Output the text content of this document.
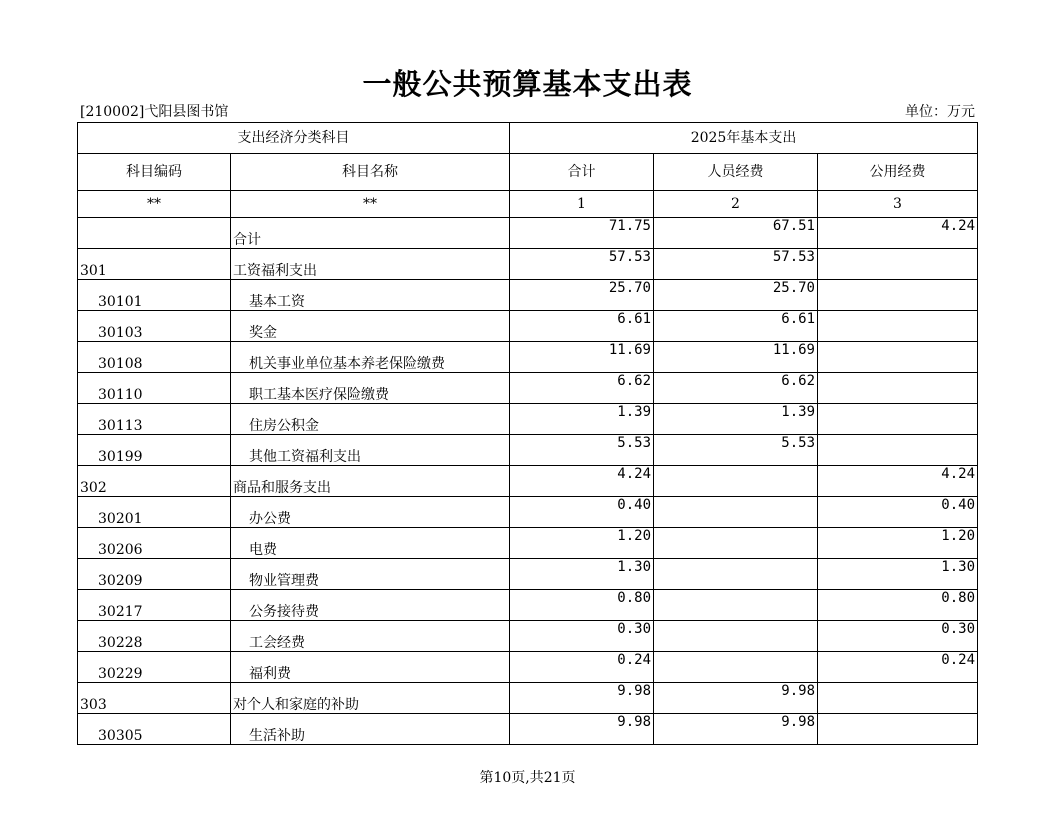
一般公共预算基本支出表
[210002]弋阳县图书馆	单位：万元
支出经济分类科目		2025年基本支出		
科目编码	科目名称	合计	人员经费	公用经费
**	**	1	2	3
	合计	71.75	67.51	4.24
301	工资福利支出	57.53	57.53	
30101	基本工资	25.70	25.70	
30103	奖金	6.61	6.61	
30108	机关事业单位基本养老保险缴费	11.69	11.69	
30110	职工基本医疗保险缴费	6.62	6.62	
30113	住房公积金	1.39	1.39	
30199	其他工资福利支出	5.53	5.53	
302	商品和服务支出	4.24		4.24
30201	办公费	0.40		0.40
30206	电费	1.20		1.20
30209	物业管理费	1.30		1.30
30217	公务接待费	0.80		0.80
30228	工会经费	0.30		0.30
30229	福利费	0.24		0.24
303	对个人和家庭的补助	9.98	9.98	
30305	生活补助	9.98	9.98	
第10页,共21页
